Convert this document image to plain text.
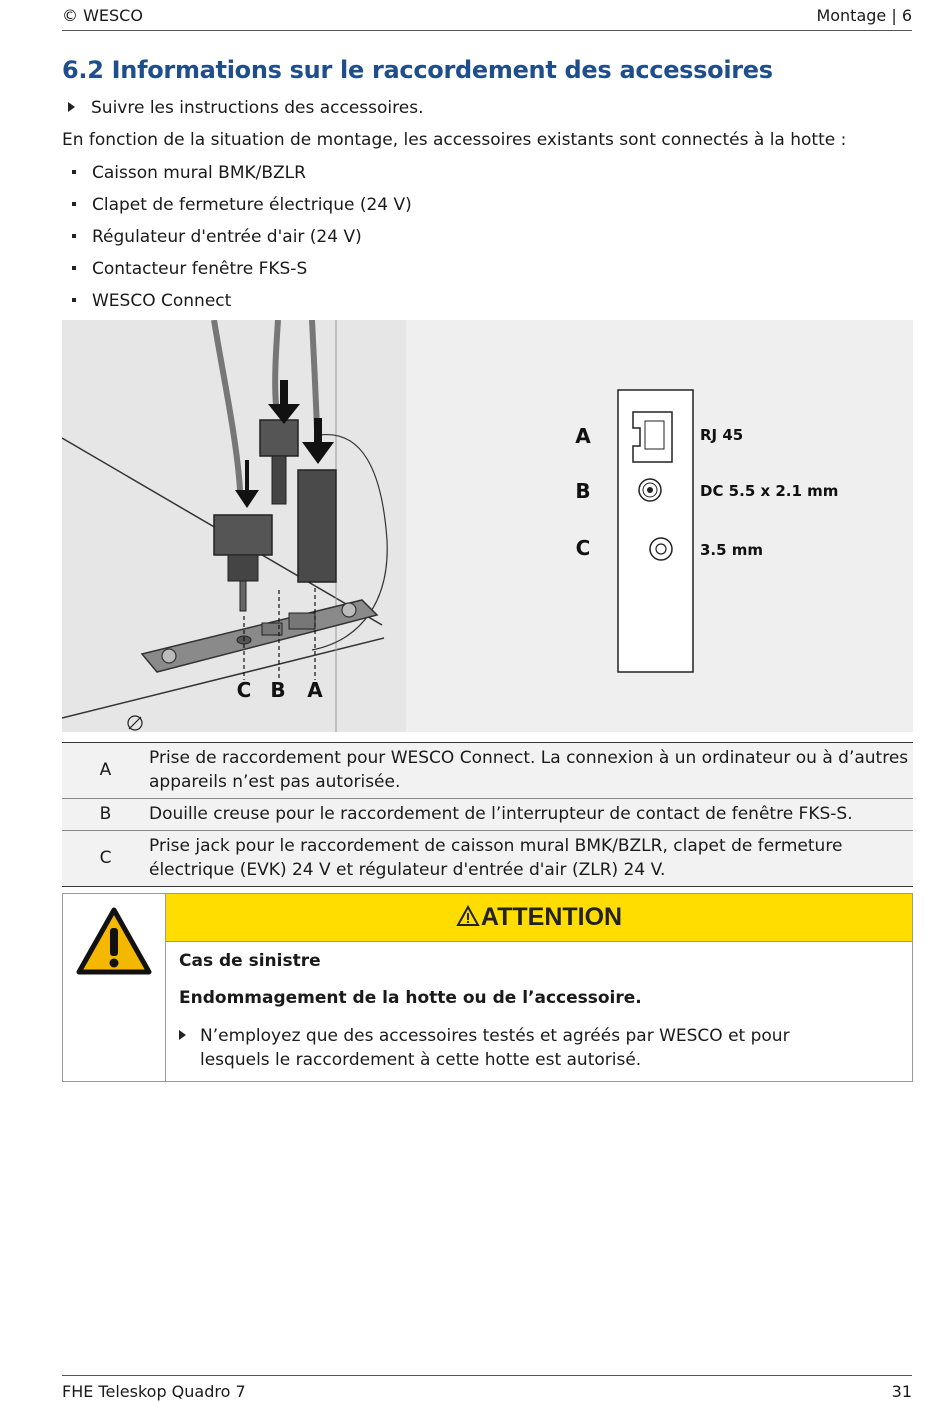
© WESCO	Montage | 6
6.2 Informations sur le raccordement des accessoires
Suivre les instructions des accessoires.
En fonction de la situation de montage, les accessoires existants sont connectés à la hotte :
Caisson mural BMK/BZLR
Clapet de fermeture électrique (24 V)
Régulateur d'entrée d'air (24 V)
Contacteur fenêtre FKS-S
WESCO Connect
C B A
A
B
C
RJ 45
DC 5.5 x 2.1 mm
3.5 mm
A	Prise de raccordement pour WESCO Connect. La connexion à un ordinateur ou à d’autres appareils n’est pas autorisée.
B	Douille creuse pour le raccordement de l’interrupteur de contact de fenêtre FKS-S.
C	Prise jack pour le raccordement de caisson mural BMK/BZLR, clapet de fermeture électrique (EVK) 24 V et régulateur d'entrée d'air (ZLR) 24 V.
ATTENTION
Cas de sinistre
Endommagement de la hotte ou de l’accessoire.
N’employez que des accessoires testés et agréés par WESCO et pour lesquels le raccordement à cette hotte est autorisé.
FHE Teleskop Quadro 7	31
